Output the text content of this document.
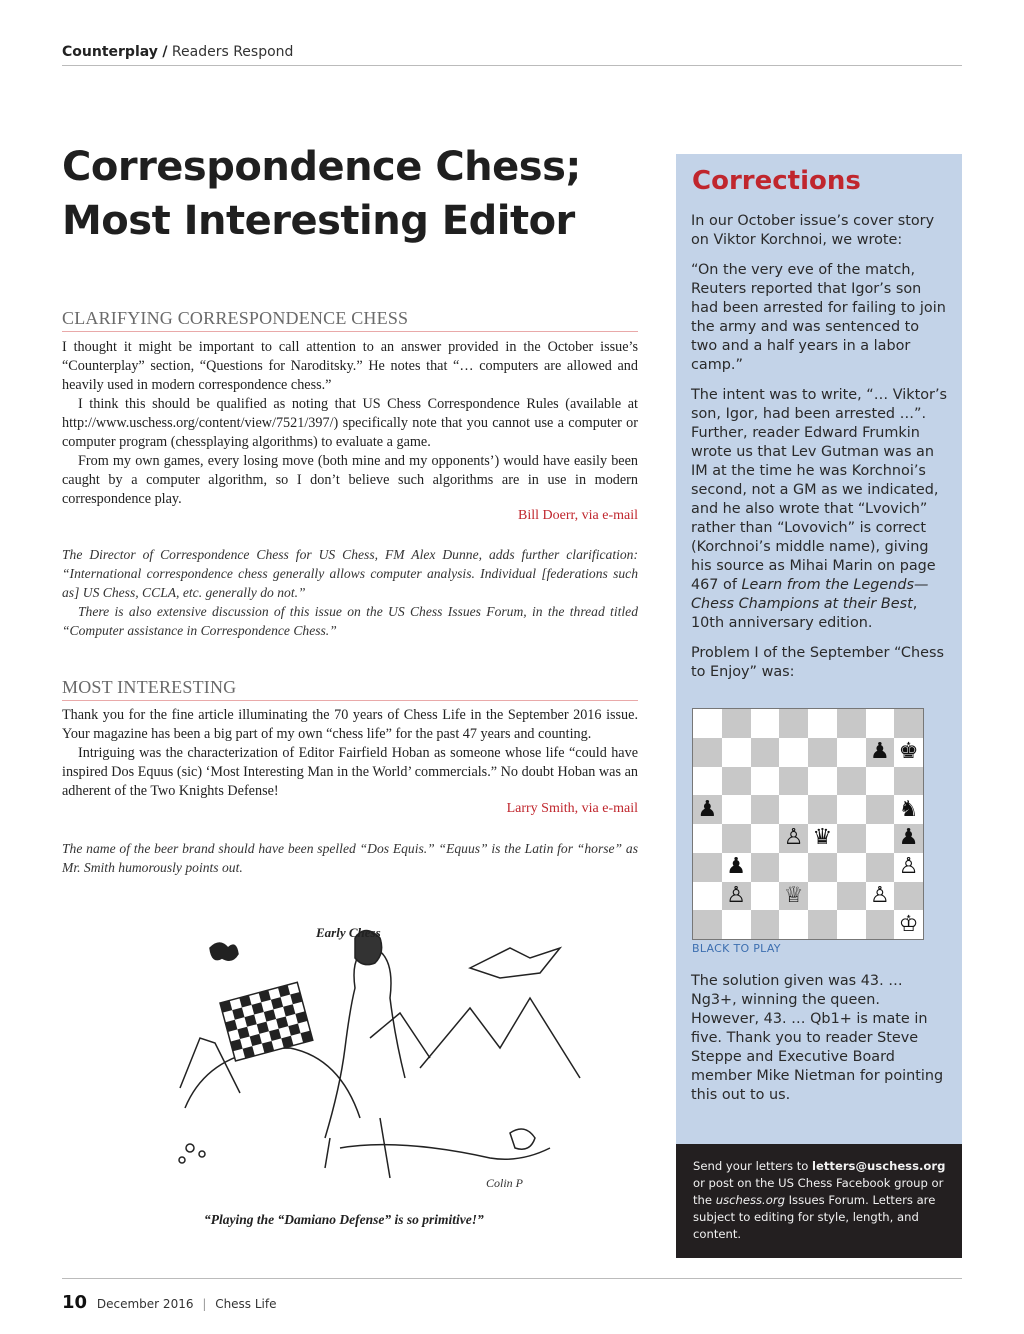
Counterplay / Readers Respond
Correspondence Chess;
Most Interesting Editor
CLARIFYING CORRESPONDENCE CHESS

I thought it might be important to call attention to an answer provided in the October issue’s “Counterplay” section, “Questions for Naroditsky.” He notes that “… computers are allowed and heavily used in modern correspondence chess.”

I think this should be qualified as noting that US Chess Correspondence Rules (available at http://www.uschess.org/content/view/7521/397/) specifically note that you cannot use a computer or computer program (chessplaying algorithms) to evaluate a game.

From my own games, every losing move (both mine and my opponents’) would have easily been caught by a computer algorithm, so I don’t believe such algorithms are in use in modern correspondence play.

Bill Doerr, via e-mail

The Director of Correspondence Chess for US Chess, FM Alex Dunne, adds further clarification: “International correspondence chess generally allows computer analysis. Individual [federations such as] US Chess, CCLA, etc. generally do not.”

There is also extensive discussion of this issue on the US Chess Issues Forum, in the thread titled “Computer assistance in Correspondence Chess.”

MOST INTERESTING

Thank you for the fine article illuminating the 70 years of Chess Life in the September 2016 issue. Your magazine has been a big part of my own “chess life” for the past 47 years and counting.

Intriguing was the characterization of Editor Fairfield Hoban as someone whose life “could have inspired Dos Equus (sic) ‘Most Interesting Man in the World’ commercials.” No doubt Hoban was an adherent of the Two Knights Defense!

Larry Smith, via e-mail
The name of the beer brand should have been spelled “Dos Equis.” “Equus” is the Latin for “horse” as Mr. Smith humorously points out.
Early Chess
Colin P
“Playing the “Damiano Defense” is so primitive!”
Corrections

In our October issue’s cover story on Viktor Korchnoi, we wrote:

“On the very eve of the match, Reuters reported that Igor’s son had been arrested for failing to join the army and was sentenced to two and a half years in a labor camp.”

The intent was to write, “… Viktor’s son, Igor, had been arrested …”. Further, reader Edward Frumkin wrote us that Lev Gutman was an IM at the time he was Korchnoi’s second, not a GM as we indicated, and he also wrote that “Lvovich” rather than “Lovovich” is correct (Korchnoi’s middle name), giving his source as Mihai Marin on page 467 of Learn from the Legends—Chess Champions at their Best, 10th anniversary edition.

Problem I of the September “Chess to Enjoy” was:

♟ ♚
♟	♞
♙ ♛	♟
♟	♙
♙ ♕	♙
♔
BLACK TO PLAY

The solution given was 43. … Ng3+, winning the queen. However, 43. … Qb1+ is mate in five. Thank you to reader Steve Steppe and Executive Board member Mike Nietman for pointing this out to us.

Send your letters to letters@uschess.org or post on the US Chess Facebook group or the uschess.org Issues Forum. Letters are subject to editing for style, length, and content.
10 December 2016 | Chess Life
